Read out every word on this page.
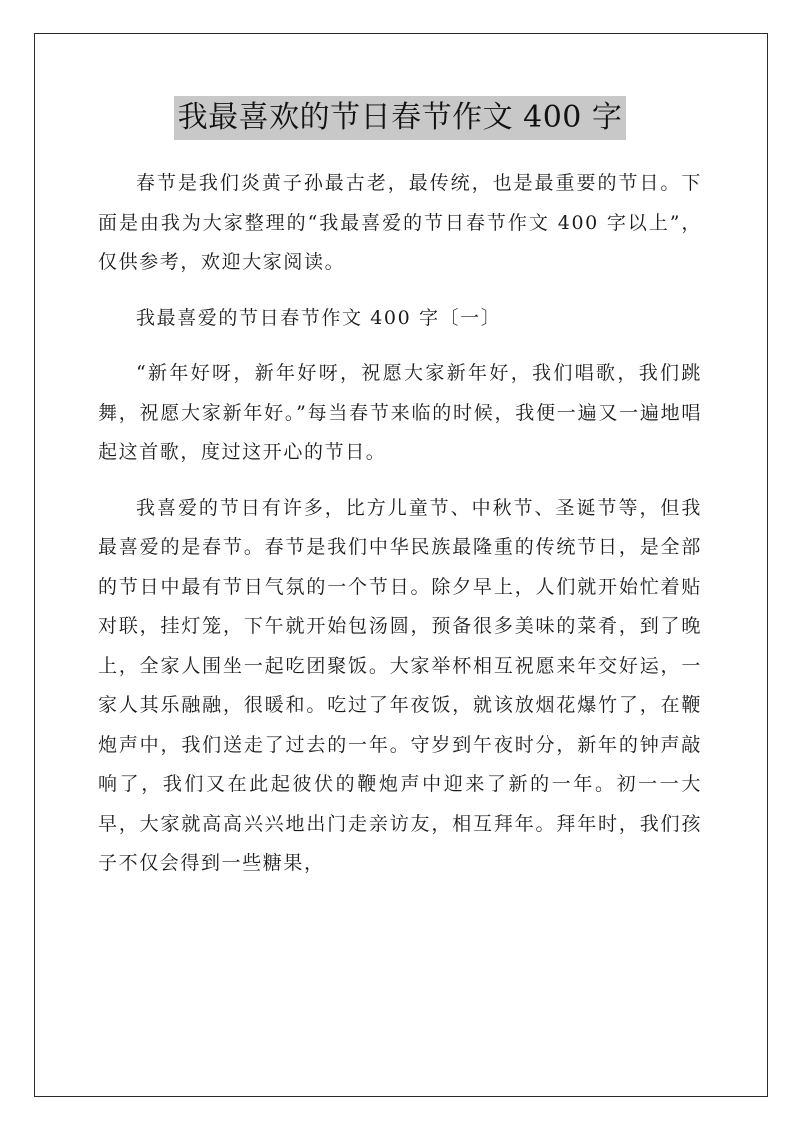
我最喜欢的节日春节作文 400 字

春节是我们炎黄子孙最古老，最传统，也是最重要的节日。下面是由我为大家整理的“我最喜爱的节日春节作文 400 字以上”，仅供参考，欢迎大家阅读。

我最喜爱的节日春节作文 400 字〔一〕

“新年好呀，新年好呀，祝愿大家新年好，我们唱歌，我们跳舞，祝愿大家新年好。”每当春节来临的时候，我便一遍又一遍地唱起这首歌，度过这开心的节日。

我喜爱的节日有许多，比方儿童节、中秋节、圣诞节等，但我最喜爱的是春节。春节是我们中华民族最隆重的传统节日，是全部的节日中最有节日气氛的一个节日。除夕早上，人们就开始忙着贴对联，挂灯笼，下午就开始包汤圆，预备很多美味的菜肴，到了晚上，全家人围坐一起吃团聚饭。大家举杯相互祝愿来年交好运，一家人其乐融融，很暖和。吃过了年夜饭，就该放烟花爆竹了，在鞭炮声中，我们送走了过去的一年。守岁到午夜时分，新年的钟声敲响了，我们又在此起彼伏的鞭炮声中迎来了新的一年。初一一大早，大家就高高兴兴地出门走亲访友，相互拜年。拜年时，我们孩子不仅会得到一些糖果，
